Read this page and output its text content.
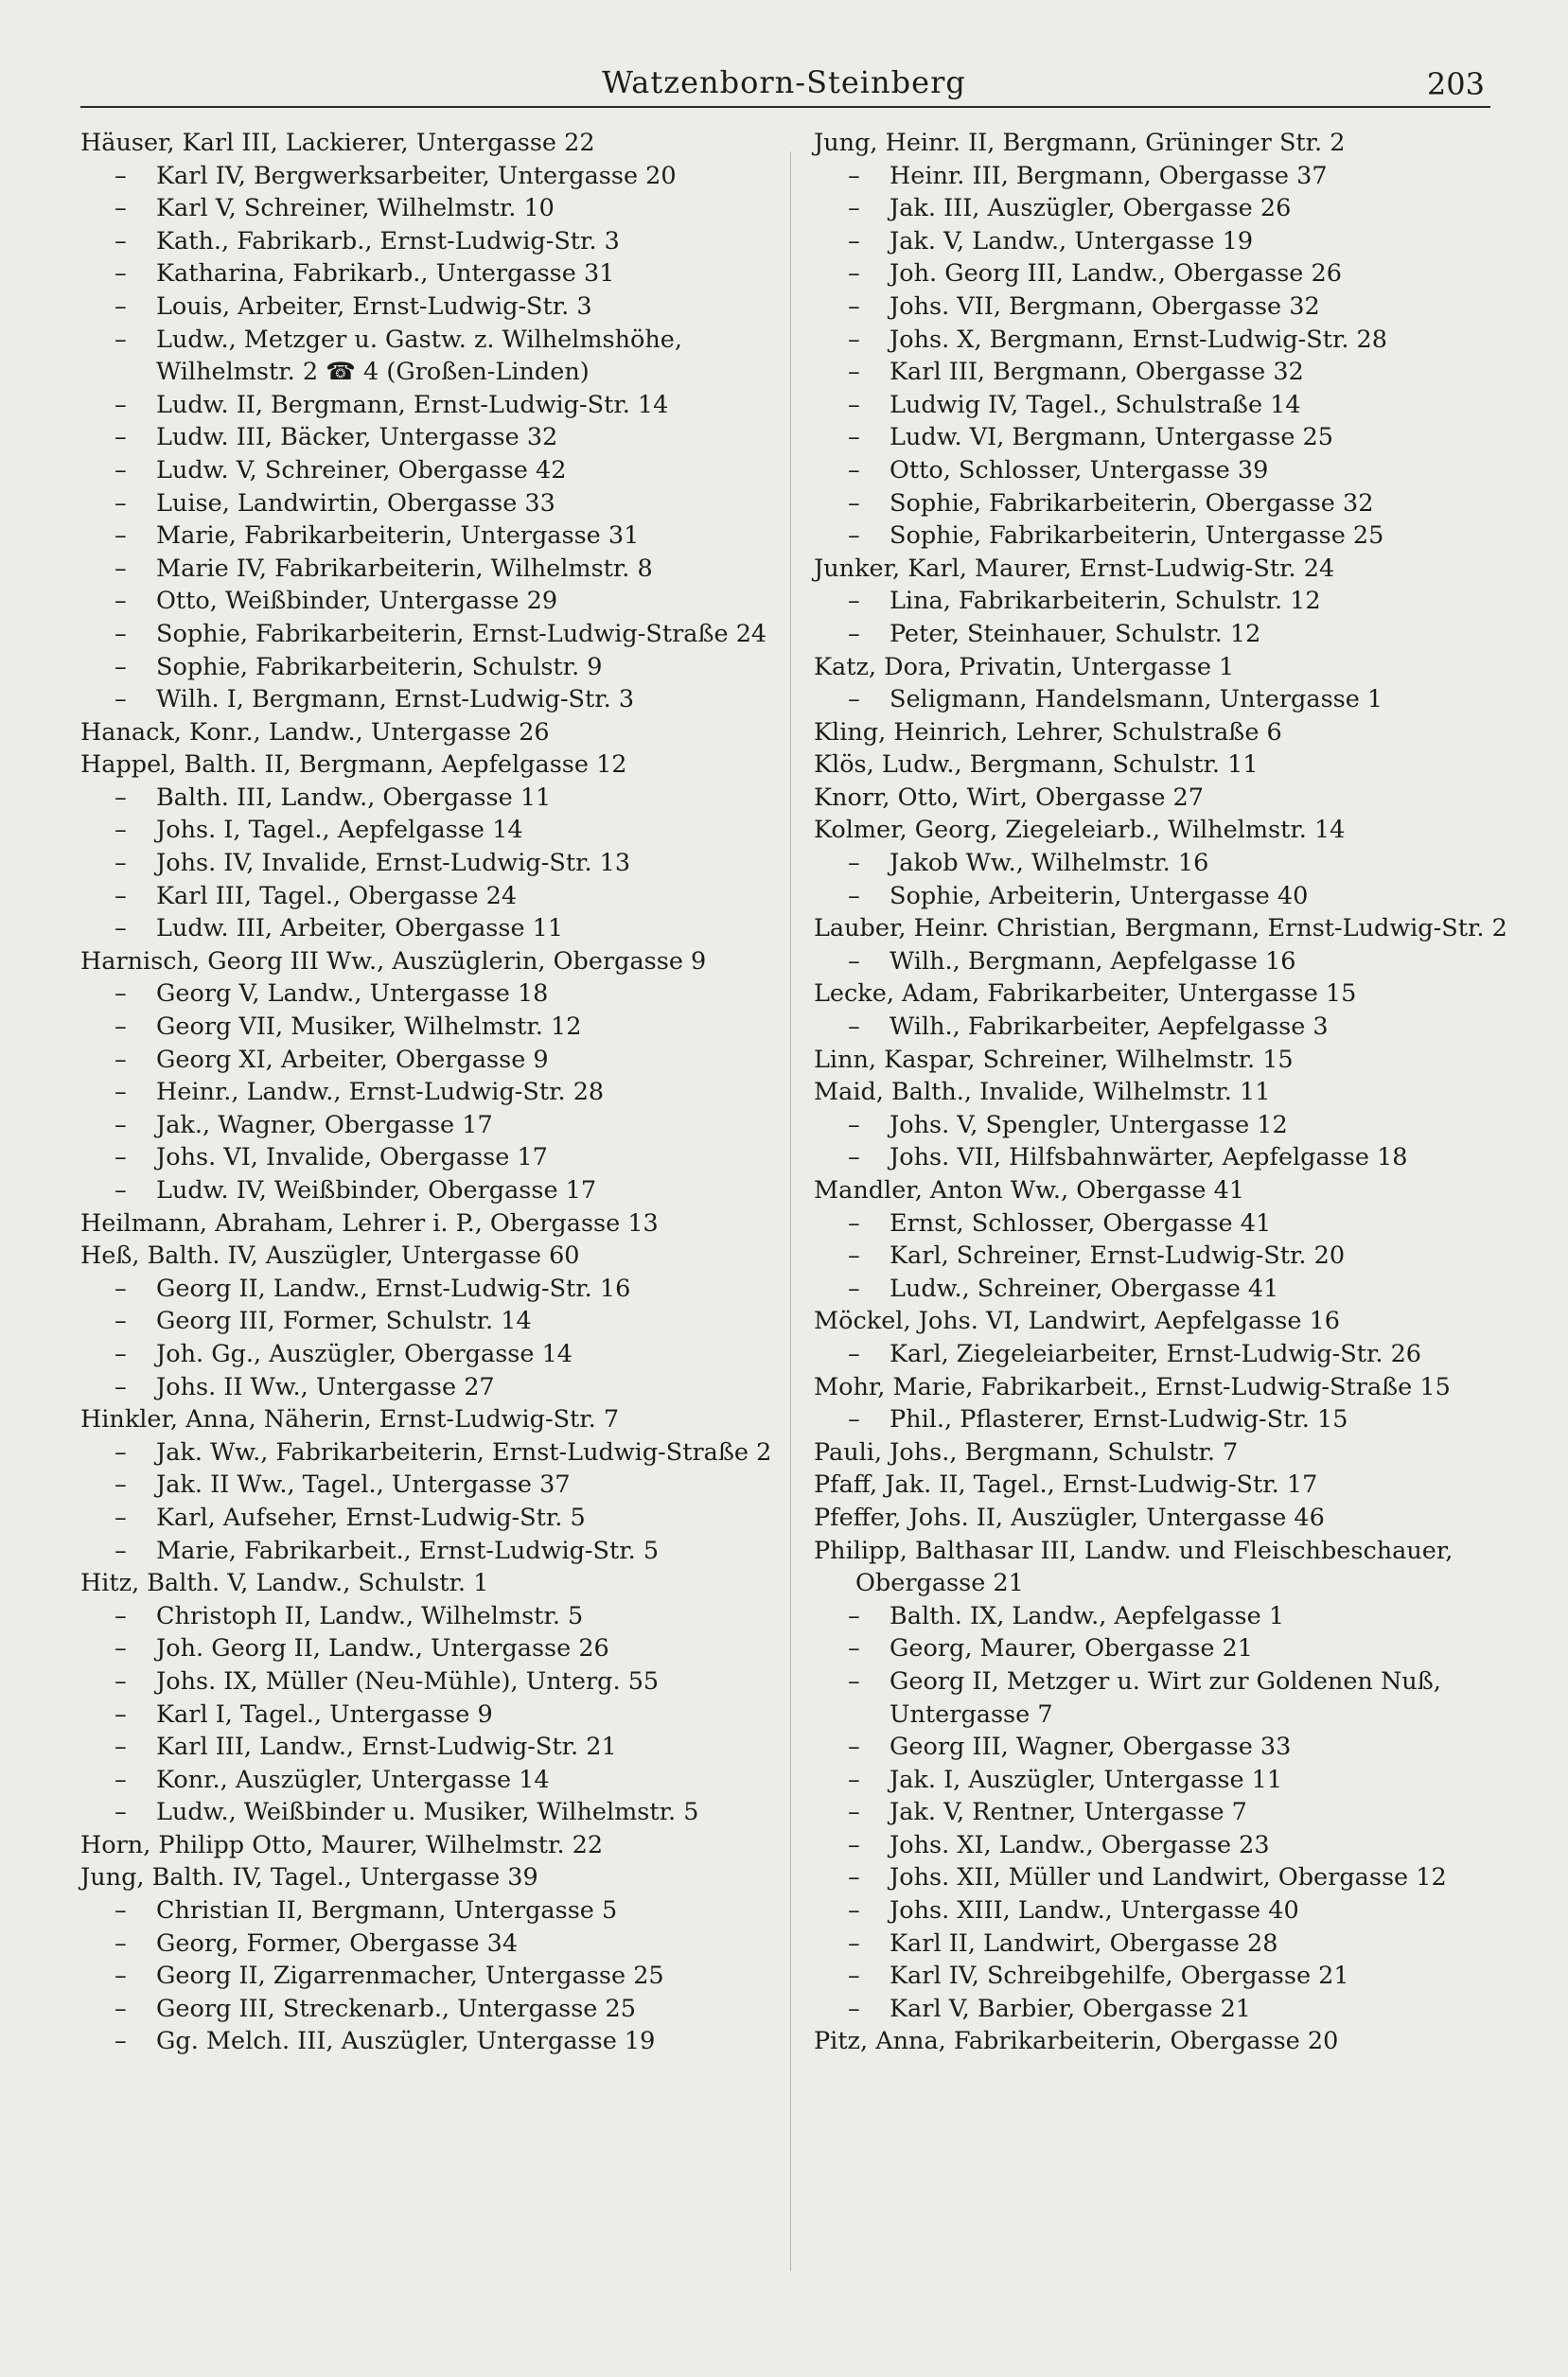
Watzenborn-Steinberg	203
Häuser, Karl III, Lackierer, Untergasse 22
– Karl IV, Bergwerksarbeiter, Untergasse 20
– Karl V, Schreiner, Wilhelmstr. 10
– Kath., Fabrikarb., Ernst-Ludwig-Str. 3
– Katharina, Fabrikarb., Untergasse 31
– Louis, Arbeiter, Ernst-Ludwig-Str. 3
– Ludw., Metzger u. Gastw. z. Wilhelmshöhe, Wilhelmstr. 2 ☎ 4 (Großen-Linden)
– Ludw. II, Bergmann, Ernst-Ludwig-Str. 14
– Ludw. III, Bäcker, Untergasse 32
– Ludw. V, Schreiner, Obergasse 42
– Luise, Landwirtin, Obergasse 33
– Marie, Fabrikarbeiterin, Untergasse 31
– Marie IV, Fabrikarbeiterin, Wilhelmstr. 8
– Otto, Weißbinder, Untergasse 29
– Sophie, Fabrikarbeiterin, Ernst-Ludwig-Straße 24
– Sophie, Fabrikarbeiterin, Schulstr. 9
– Wilh. I, Bergmann, Ernst-Ludwig-Str. 3
Hanack, Konr., Landw., Untergasse 26
Happel, Balth. II, Bergmann, Aepfelgasse 12
– Balth. III, Landw., Obergasse 11
– Johs. I, Tagel., Aepfelgasse 14
– Johs. IV, Invalide, Ernst-Ludwig-Str. 13
– Karl III, Tagel., Obergasse 24
– Ludw. III, Arbeiter, Obergasse 11
Harnisch, Georg III Ww., Auszüglerin, Obergasse 9
– Georg V, Landw., Untergasse 18
– Georg VII, Musiker, Wilhelmstr. 12
– Georg XI, Arbeiter, Obergasse 9
– Heinr., Landw., Ernst-Ludwig-Str. 28
– Jak., Wagner, Obergasse 17
– Johs. VI, Invalide, Obergasse 17
– Ludw. IV, Weißbinder, Obergasse 17
Heilmann, Abraham, Lehrer i. P., Obergasse 13
Heß, Balth. IV, Auszügler, Untergasse 60
– Georg II, Landw., Ernst-Ludwig-Str. 16
– Georg III, Former, Schulstr. 14
– Joh. Gg., Auszügler, Obergasse 14
– Johs. II Ww., Untergasse 27
Hinkler, Anna, Näherin, Ernst-Ludwig-Str. 7
– Jak. Ww., Fabrikarbeiterin, Ernst-Ludwig-Straße 2
– Jak. II Ww., Tagel., Untergasse 37
– Karl, Aufseher, Ernst-Ludwig-Str. 5
– Marie, Fabrikarbeit., Ernst-Ludwig-Str. 5
Hitz, Balth. V, Landw., Schulstr. 1
– Christoph II, Landw., Wilhelmstr. 5
– Joh. Georg II, Landw., Untergasse 26
– Johs. IX, Müller (Neu-Mühle), Unterg. 55
– Karl I, Tagel., Untergasse 9
– Karl III, Landw., Ernst-Ludwig-Str. 21
– Konr., Auszügler, Untergasse 14
– Ludw., Weißbinder u. Musiker, Wilhelmstr. 5
Horn, Philipp Otto, Maurer, Wilhelmstr. 22
Jung, Balth. IV, Tagel., Untergasse 39
– Christian II, Bergmann, Untergasse 5
– Georg, Former, Obergasse 34
– Georg II, Zigarrenmacher, Untergasse 25
– Georg III, Streckenarb., Untergasse 25
– Gg. Melch. III, Auszügler, Untergasse 19
Jung, Heinr. II, Bergmann, Grüninger Str. 2
– Heinr. III, Bergmann, Obergasse 37
– Jak. III, Auszügler, Obergasse 26
– Jak. V, Landw., Untergasse 19
– Joh. Georg III, Landw., Obergasse 26
– Johs. VII, Bergmann, Obergasse 32
– Johs. X, Bergmann, Ernst-Ludwig-Str. 28
– Karl III, Bergmann, Obergasse 32
– Ludwig IV, Tagel., Schulstraße 14
– Ludw. VI, Bergmann, Untergasse 25
– Otto, Schlosser, Untergasse 39
– Sophie, Fabrikarbeiterin, Obergasse 32
– Sophie, Fabrikarbeiterin, Untergasse 25
Junker, Karl, Maurer, Ernst-Ludwig-Str. 24
– Lina, Fabrikarbeiterin, Schulstr. 12
– Peter, Steinhauer, Schulstr. 12
Katz, Dora, Privatin, Untergasse 1
– Seligmann, Handelsmann, Untergasse 1
Kling, Heinrich, Lehrer, Schulstraße 6
Klös, Ludw., Bergmann, Schulstr. 11
Knorr, Otto, Wirt, Obergasse 27
Kolmer, Georg, Ziegeleiarb., Wilhelmstr. 14
– Jakob Ww., Wilhelmstr. 16
– Sophie, Arbeiterin, Untergasse 40
Lauber, Heinr. Christian, Bergmann, Ernst-Ludwig-Str. 2
– Wilh., Bergmann, Aepfelgasse 16
Lecke, Adam, Fabrikarbeiter, Untergasse 15
– Wilh., Fabrikarbeiter, Aepfelgasse 3
Linn, Kaspar, Schreiner, Wilhelmstr. 15
Maid, Balth., Invalide, Wilhelmstr. 11
– Johs. V, Spengler, Untergasse 12
– Johs. VII, Hilfsbahnwärter, Aepfelgasse 18
Mandler, Anton Ww., Obergasse 41
– Ernst, Schlosser, Obergasse 41
– Karl, Schreiner, Ernst-Ludwig-Str. 20
– Ludw., Schreiner, Obergasse 41
Möckel, Johs. VI, Landwirt, Aepfelgasse 16
– Karl, Ziegeleiarbeiter, Ernst-Ludwig-Str. 26
Mohr, Marie, Fabrikarbeit., Ernst-Ludwig-Straße 15
– Phil., Pflasterer, Ernst-Ludwig-Str. 15
Pauli, Johs., Bergmann, Schulstr. 7
Pfaff, Jak. II, Tagel., Ernst-Ludwig-Str. 17
Pfeffer, Johs. II, Auszügler, Untergasse 46
Philipp, Balthasar III, Landw. und Fleischbeschauer, Obergasse 21
– Balth. IX, Landw., Aepfelgasse 1
– Georg, Maurer, Obergasse 21
– Georg II, Metzger u. Wirt zur Goldenen Nuß, Untergasse 7
– Georg III, Wagner, Obergasse 33
– Jak. I, Auszügler, Untergasse 11
– Jak. V, Rentner, Untergasse 7
– Johs. XI, Landw., Obergasse 23
– Johs. XII, Müller und Landwirt, Obergasse 12
– Johs. XIII, Landw., Untergasse 40
– Karl II, Landwirt, Obergasse 28
– Karl IV, Schreibgehilfe, Obergasse 21
– Karl V, Barbier, Obergasse 21
Pitz, Anna, Fabrikarbeiterin, Obergasse 20
